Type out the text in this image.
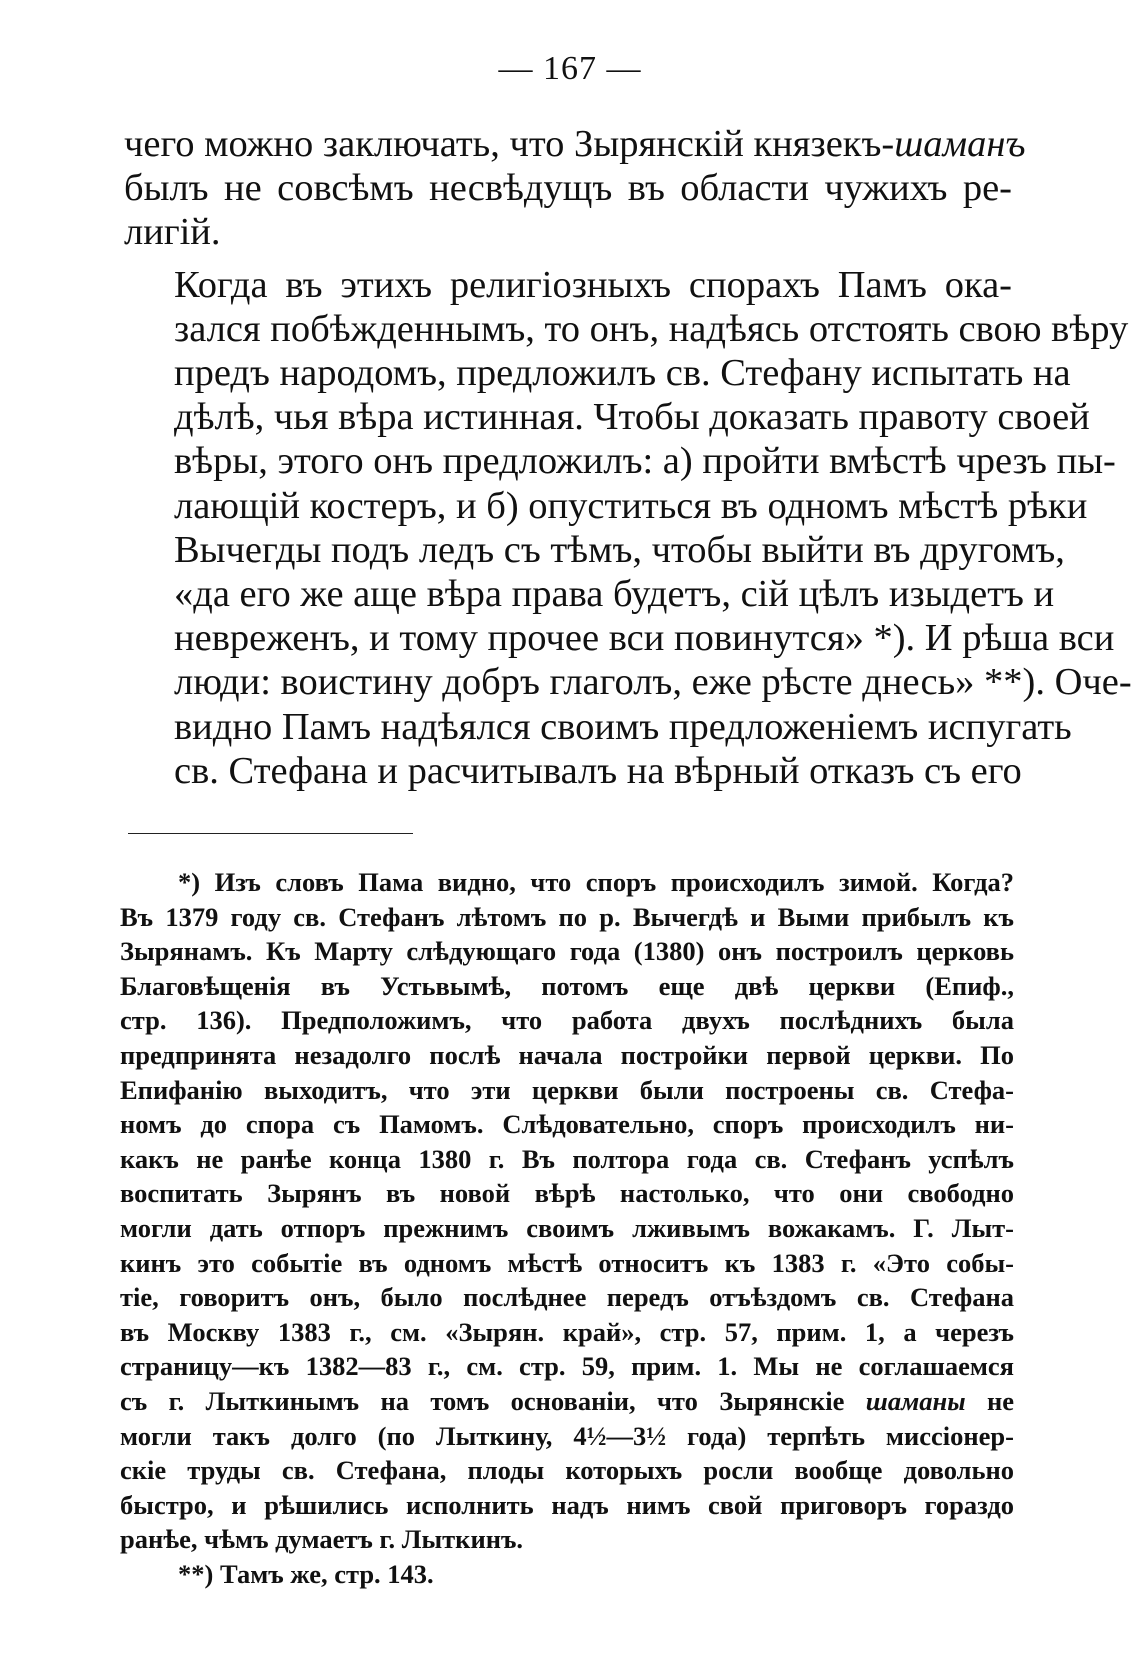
— 167 —

чего можно заключать, что Зырянскій князекъ-шаманъ
былъ не совсѣмъ несвѣдущъ въ области чужихъ ре-
лигій.

Когда въ этихъ религіозныхъ спорахъ Памъ ока-
зался побѣжденнымъ, то онъ, надѣясь отстоять свою вѣру
предъ народомъ, предложилъ св. Стефану испытать на
дѣлѣ, чья вѣра истинная. Чтобы доказать правоту своей
вѣры, этого онъ предложилъ: а) пройти вмѣстѣ чрезъ пы-
лающій костеръ, и б) опуститься въ одномъ мѣстѣ рѣки
Вычегды подъ ледъ съ тѣмъ, чтобы выйти въ другомъ,
«да его же аще вѣра права будетъ, сій цѣлъ изыдетъ и
невреженъ, и тому прочее вси повинутся» *). И рѣша вси
люди: воистину добръ глаголъ, еже рѣсте днесь» **). Оче-
видно Памъ надѣялся своимъ предложеніемъ испугать
св. Стефана и расчитывалъ на вѣрный отказъ съ его

*) Изъ словъ Пама видно, что споръ происходилъ зимой. Когда?
Въ 1379 году св. Стефанъ лѣтомъ по р. Вычегдѣ и Выми прибылъ къ
Зырянамъ. Къ Марту слѣдующаго года (1380) онъ построилъ церковь
Благовѣщенія въ Устьвымѣ, потомъ еще двѣ церкви (Епиф.,
стр. 136). Предположимъ, что работа двухъ послѣднихъ была
предпринята незадолго послѣ начала постройки первой церкви. По
Епифанію выходитъ, что эти церкви были построены св. Стефа-
номъ до спора съ Памомъ. Слѣдовательно, споръ происходилъ ни-
какъ не ранѣе конца 1380 г. Въ полтора года св. Стефанъ успѣлъ
воспитать Зырянъ въ новой вѣрѣ настолько, что они свободно
могли дать отпоръ прежнимъ своимъ лживымъ вожакамъ. Г. Лыт-
кинъ это событіе въ одномъ мѣстѣ относитъ къ 1383 г. «Это собы-
тіе, говоритъ онъ, было послѣднее передъ отъѣздомъ св. Стефана
въ Москву 1383 г., см. «Зырян. край», стр. 57, прим. 1, а черезъ
страницу—къ 1382—83 г., см. стр. 59, прим. 1. Мы не соглашаемся
съ г. Лыткинымъ на томъ основаніи, что Зырянскіе шаманы не
могли такъ долго (по Лыткину, 4½—3½ года) терпѣть миссіонер-
скіе труды св. Стефана, плоды которыхъ росли вообще довольно
быстро, и рѣшились исполнить надъ нимъ свой приговоръ гораздо
ранѣе, чѣмъ думаетъ г. Лыткинъ.
**) Тамъ же, стр. 143.
